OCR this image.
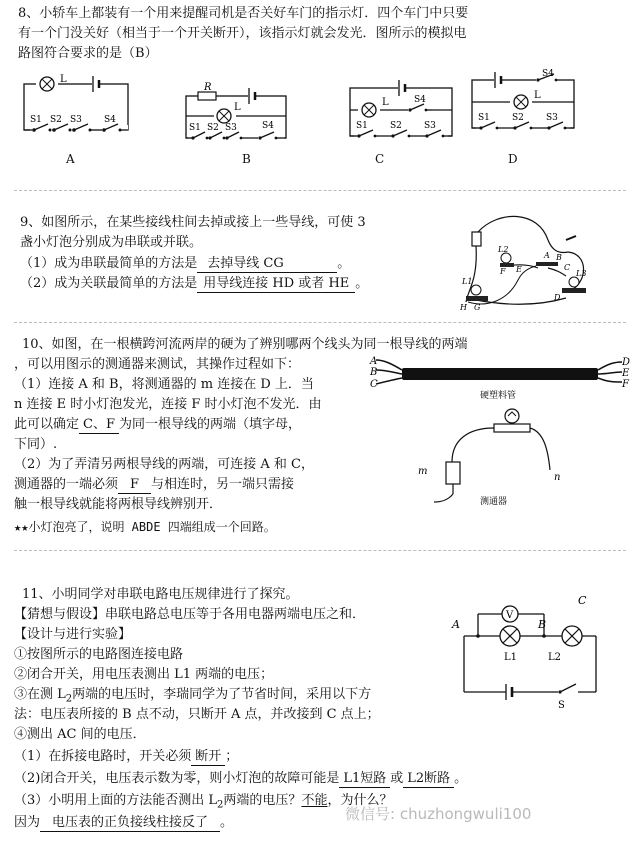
8、小轿车上都装有一个用来提醒司机是否关好车门的指示灯．四个车门中只要
有一个门没关好（相当于一个开关断开），该指示灯就会发光．图所示的模拟电
路图符合要求的是（B）
L
S1 S2 S3 S4
R
L
S1 S2 S3	S4
L	S4
S1 S2 S3
S4
L
S1 S2 S3
A	B	C	D
9、如图所示，在某些接线柱间去掉或接上一些导线，可使 3
盏小灯泡分别成为串联或并联。
（1）成为串联最简单的方法是 去掉导线 CG	。
（2）成为关联最简单的方法是 用导线连接 HD 或者 HE 。
L2
F E
A B
C
L3
L1
D
H G
10、如图，在一根横跨河流两岸的硬为了辨别哪两个线头为同一根导线的两端
，可以用图示的测通器来测试，其操作过程如下：
（1）连接 A 和 B，将测通器的 m 连接在 D 上．当
n 连接 E 时小灯泡发光，连接 F 时小灯泡不发光．由
此可以确定 C、F 为同一根导线的两端（填字母，
下同）.
（2）为了弄清另两根导线的两端，可连接 A 和 C，
测通器的一端必须 F 与相连时，另一端只需接
触一根导线就能将两根导线辨别开．
★★小灯泡亮了，说明 ABDE 四端组成一个回路。
A
B
C
D
E
F
硬塑料管
m
n
测通器
11、小明同学对串联电路电压规律进行了探究。
【猜想与假设】串联电路总电压等于各用电器两端电压之和．
【设计与进行实验】
①按图所示的电路图连接电路
②闭合开关，用电压表测出 L1 两端的电压；
③在测 $L_2$两端的电压时，李瑞同学为了节省时间，采用以下方
法：电压表所接的 B 点不动，只断开 A 点，并改接到 C 点上；
④测出 AC 间的电压．
（1）在拆接电路时，开关必须 断开 ；
（2)闭合开关，电压表示数为零，则小灯泡的故障可能是 L1短路 或 L2断路 。
（3）小明用上面的方法能否测出 $L_2$两端的电压？不能，为什么？
因为 电压表的正负接线柱接反了 。
V
A	B
C
L1	L2
S
微信号: chuzhongwuli100
